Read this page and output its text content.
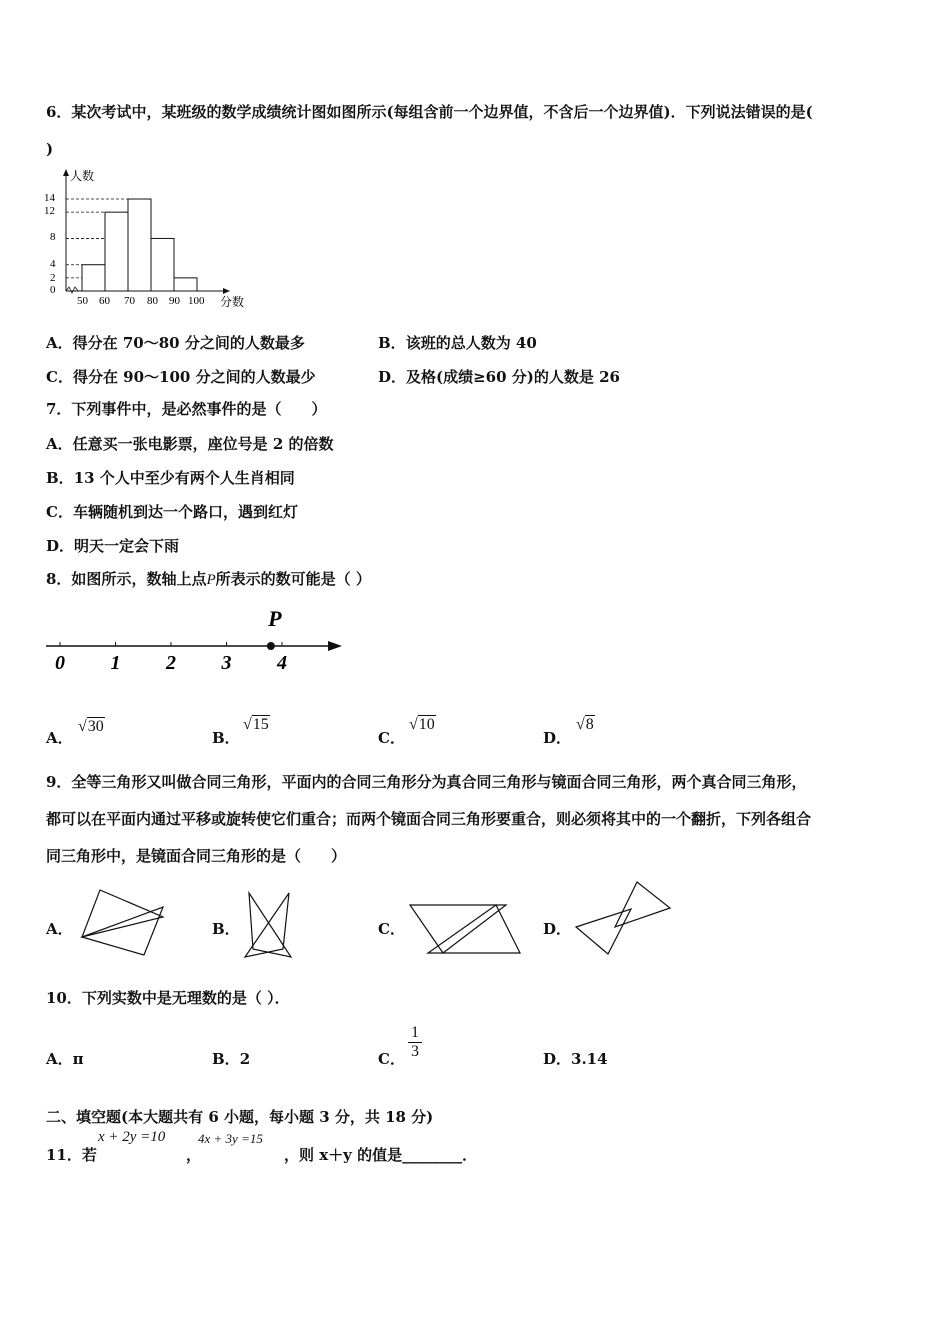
6．某次考试中，某班级的数学成绩统计图如图所示(每组含前一个边界值，不含后一个边界值)．下列说法错误的是(
)
人数
分数
14
12
8
4
2
0
50 60 70 80 90 100
A．得分在 70～80 分之间的人数最多	B．该班的总人数为 40
C．得分在 90～100 分之间的人数最少	D．及格(成绩≥60 分)的人数是 26
7．下列事件中，是必然事件的是（　　）
A．任意买一张电影票，座位号是 2 的倍数
B．13 个人中至少有两个人生肖相同
C．车辆随机到达一个路口，遇到红灯
D．明天一定会下雨
8．如图所示，数轴上点P所表示的数可能是（ ）
0 1 2 3 4
P
A．
√30
B．
√15
C．
√10
D．
√8
9．全等三角形又叫做合同三角形，平面内的合同三角形分为真合同三角形与镜面合同三角形，两个真合同三角形，
都可以在平面内通过平移或旋转使它们重合；而两个镜面合同三角形要重合，则必须将其中的一个翻折，下列各组合
同三角形中，是镜面合同三角形的是（　　）
A．	B．	C．	D．
10．下列实数中是无理数的是（ ）．
A．π	B．2	C． $\frac{1}{3}$	D．3.14
二、填空题(本大题共有 6 小题，每小题 3 分，共 18 分)
11．若
x + 2y =10
，
4x + 3y =15
，则 x＋y 的值是________．
